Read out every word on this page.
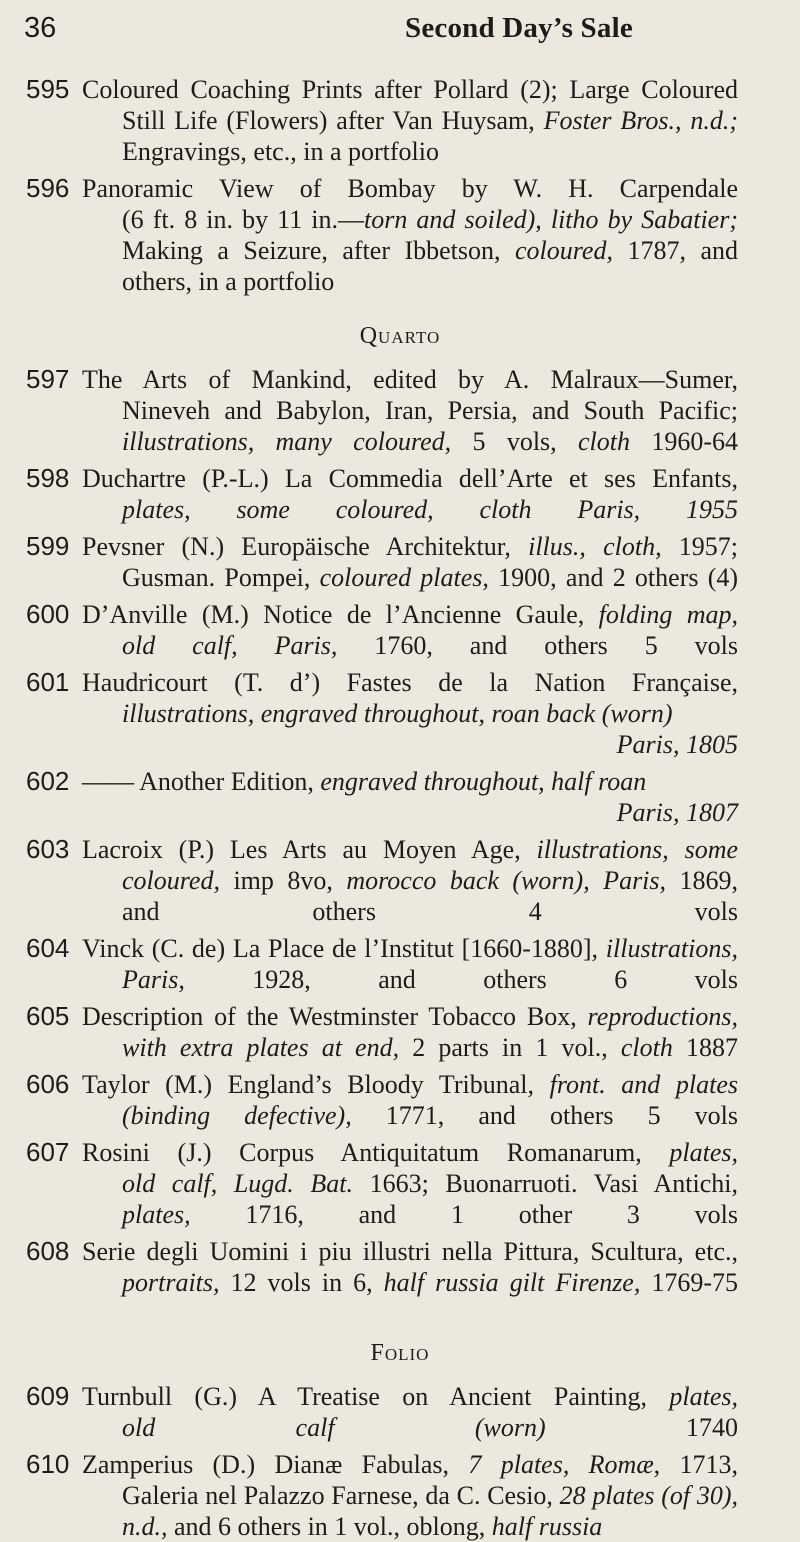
36	Second Day’s Sale
595 Coloured Coaching Prints after Pollard (2); Large Coloured
Still Life (Flowers) after Van Huysam, Foster Bros., n.d.;
Engravings, etc., in a portfolio
596 Panoramic View of Bombay by W. H. Carpendale
(6 ft. 8 in. by 11 in.—torn and soiled), litho by Sabatier;
Making a Seizure, after Ibbetson, coloured, 1787, and
others, in a portfolio
Quarto
597 The Arts of Mankind, edited by A. Malraux—Sumer,
Nineveh and Babylon, Iran, Persia, and South Pacific;
illustrations, many coloured, 5 vols, cloth 1960-64
598 Duchartre (P.-L.) La Commedia dell’Arte et ses Enfants,
plates, some coloured, cloth Paris, 1955
599 Pevsner (N.) Europäische Architektur, illus., cloth, 1957;
Gusman. Pompei, coloured plates, 1900, and 2 others (4)
600 D’Anville (M.) Notice de l’Ancienne Gaule, folding map,
old calf, Paris, 1760, and others 5 vols
601 Haudricourt (T. d’) Fastes de la Nation Française,
illustrations, engraved throughout, roan back (worn)
Paris, 1805
602 —— Another Edition, engraved throughout, half roan
Paris, 1807
603 Lacroix (P.) Les Arts au Moyen Age, illustrations, some
coloured, imp 8vo, morocco back (worn), Paris, 1869,
and others	4 vols
604 Vinck (C. de) La Place de l’Institut [1660-1880], illustrations,
Paris,	1928, and others	6 vols
605 Description of the Westminster Tobacco Box, reproductions,
with extra plates at end, 2 parts in 1 vol., cloth 1887
606 Taylor (M.) England’s Bloody Tribunal, front. and plates
(binding defective), 1771, and others 5 vols
607 Rosini (J.) Corpus Antiquitatum Romanarum, plates,
old calf, Lugd. Bat. 1663; Buonarruoti. Vasi Antichi,
plates, 1716, and 1 other 3 vols
608 Serie degli Uomini i piu illustri nella Pittura, Scultura, etc.,
portraits, 12 vols in 6, half russia gilt Firenze, 1769-75
Folio
609 Turnbull (G.) A Treatise on Ancient Painting, plates,
old calf (worn)	1740
610 Zamperius (D.) Dianæ Fabulas, 7 plates, Romæ, 1713,
Galeria nel Palazzo Farnese, da C. Cesio, 28 plates (of 30),
n.d., and 6 others in 1 vol., oblong, half russia
